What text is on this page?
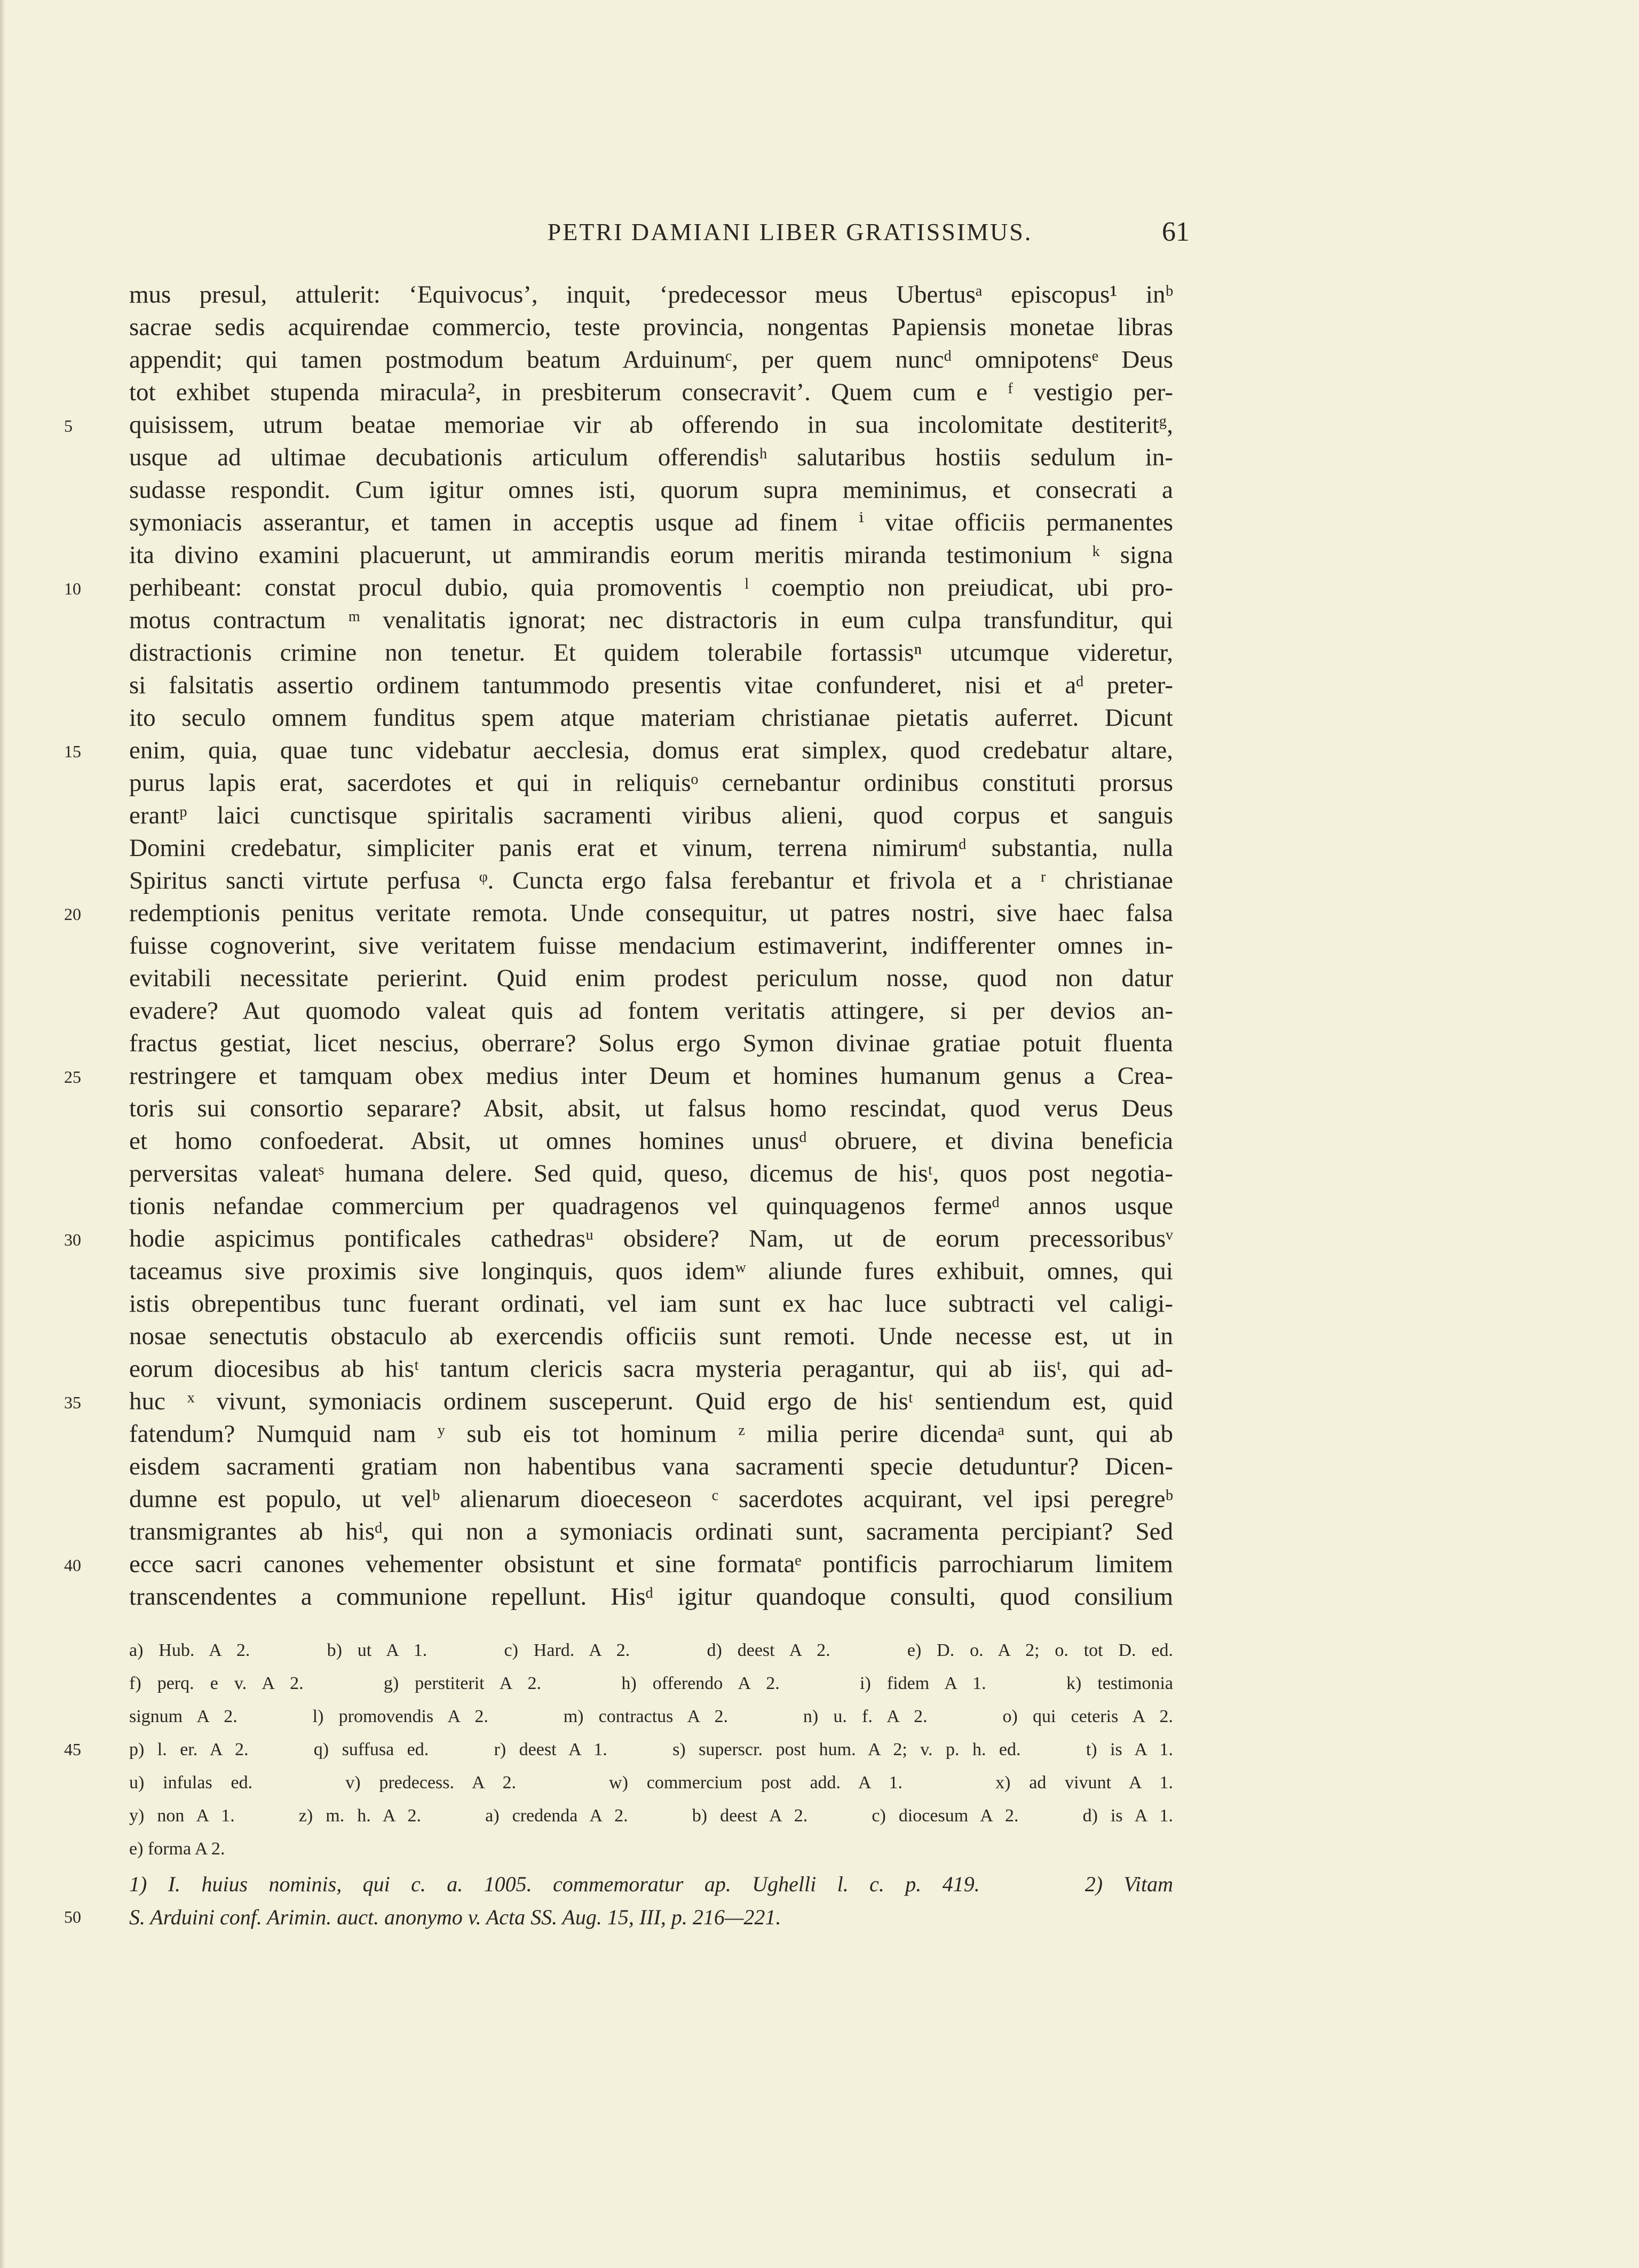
PETRI DAMIANI LIBER GRATISSIMUS.	61
mus presul, attulerit: ‘Equivocus’, inquit, ‘predecessor meus Ubertusᵃ episcopus¹ inᵇ
sacrae sedis acquirendae commercio, teste provincia, nongentas Papiensis monetae libras
appendit; qui tamen postmodum beatum Arduinumᶜ, per quem nuncᵈ omnipotensᵉ Deus
tot exhibet stupenda miracula², in presbiterum consecravit’. Quem cum e ᶠ vestigio per-
quisissem, utrum beatae memoriae vir ab offerendo in sua incolomitate destiteritᵍ,
usque ad ultimae decubationis articulum offerendisʰ salutaribus hostiis sedulum in-
sudasse respondit. Cum igitur omnes isti, quorum supra meminimus, et consecrati a
symoniacis asserantur, et tamen in acceptis usque ad finem ⁱ vitae officiis permanentes
ita divino examini placuerunt, ut ammirandis eorum meritis miranda testimonium ᵏ signa
perhibeant: constat procul dubio, quia promoventis ˡ coemptio non preiudicat, ubi pro-
motus contractum ᵐ venalitatis ignorat; nec distractoris in eum culpa transfunditur, qui
distractionis crimine non tenetur. Et quidem tolerabile fortassisⁿ utcumque videretur,
si falsitatis assertio ordinem tantummodo presentis vitae confunderet, nisi et aᵈ preter-
ito seculo omnem funditus spem atque materiam christianae pietatis auferret. Dicunt
enim, quia, quae tunc videbatur aecclesia, domus erat simplex, quod credebatur altare,
purus lapis erat, sacerdotes et qui in reliquisᵒ cernebantur ordinibus constituti prorsus
erantᵖ laici cunctisque spiritalis sacramenti viribus alieni, quod corpus et sanguis
Domini credebatur, simpliciter panis erat et vinum, terrena nimirumᵈ substantia, nulla
Spiritus sancti virtute perfusa ᵠ. Cuncta ergo falsa ferebantur et frivola et a ʳ christianae
redemptionis penitus veritate remota. Unde consequitur, ut patres nostri, sive haec falsa
fuisse cognoverint, sive veritatem fuisse mendacium estimaverint, indifferenter omnes in-
evitabili necessitate perierint. Quid enim prodest periculum nosse, quod non datur
evadere? Aut quomodo valeat quis ad fontem veritatis attingere, si per devios an-
fractus gestiat, licet nescius, oberrare? Solus ergo Symon divinae gratiae potuit fluenta
restringere et tamquam obex medius inter Deum et homines humanum genus a Crea-
toris sui consortio separare? Absit, absit, ut falsus homo rescindat, quod verus Deus
et homo confoederat. Absit, ut omnes homines unusᵈ obruere, et divina beneficia
perversitas valeatˢ humana delere. Sed quid, queso, dicemus de hisᵗ, quos post negotia-
tionis nefandae commercium per quadragenos vel quinquagenos fermeᵈ annos usque
hodie aspicimus pontificales cathedrasᵘ obsidere? Nam, ut de eorum precessoribusᵛ
taceamus sive proximis sive longinquis, quos idemʷ aliunde fures exhibuit, omnes, qui
istis obrepentibus tunc fuerant ordinati, vel iam sunt ex hac luce subtracti vel caligi-
nosae senectutis obstaculo ab exercendis officiis sunt remoti. Unde necesse est, ut in
eorum diocesibus ab hisᵗ tantum clericis sacra mysteria peragantur, qui ab iisᵗ, qui ad-
huc ˣ vivunt, symoniacis ordinem susceperunt. Quid ergo de hisᵗ sentiendum est, quid
fatendum? Numquid nam ʸ sub eis tot hominum ᶻ milia perire dicendaᵃ sunt, qui ab
eisdem sacramenti gratiam non habentibus vana sacramenti specie detuduntur? Dicen-
dumne est populo, ut velᵇ alienarum dioeceseon ᶜ sacerdotes acquirant, vel ipsi peregreᵇ
transmigrantes ab hisᵈ, qui non a symoniacis ordinati sunt, sacramenta percipiant? Sed
ecce sacri canones vehementer obsistunt et sine formataᵉ pontificis parrochiarum limitem
transcendentes a communione repellunt. Hisᵈ igitur quandoque consulti, quod consilium
5
10
15
20
25
30
35
40
a) Hub. A 2.     b) ut A 1.     c) Hard. A 2.     d) deest A 2.     e) D. o. A 2; o. tot D. ed.
f) perq. e v. A 2.     g) perstiterit A 2.     h) offerendo A 2.     i) fidem A 1.     k) testimonia
signum A 2.     l) promovendis A 2.     m) contractus A 2.     n) u. f. A 2.     o) qui ceteris A 2.
p) l. er. A 2.     q) suffusa ed.     r) deest A 1.     s) superscr. post hum. A 2; v. p. h. ed.     t) is A 1.
u) infulas ed.     v) predecess. A 2.     w) commercium post add. A 1.     x) ad vivunt A 1.
y) non A 1.     z) m. h. A 2.     a) credenda A 2.     b) deest A 2.     c) diocesum A 2.     d) is A 1.
e) forma A 2.
45
1) I. huius nominis, qui c. a. 1005. commemoratur ap. Ughelli l. c. p. 419.     2) Vitam
S. Arduini conf. Arimin. auct. anonymo v. Acta SS. Aug. 15, III, p. 216—221.
50
